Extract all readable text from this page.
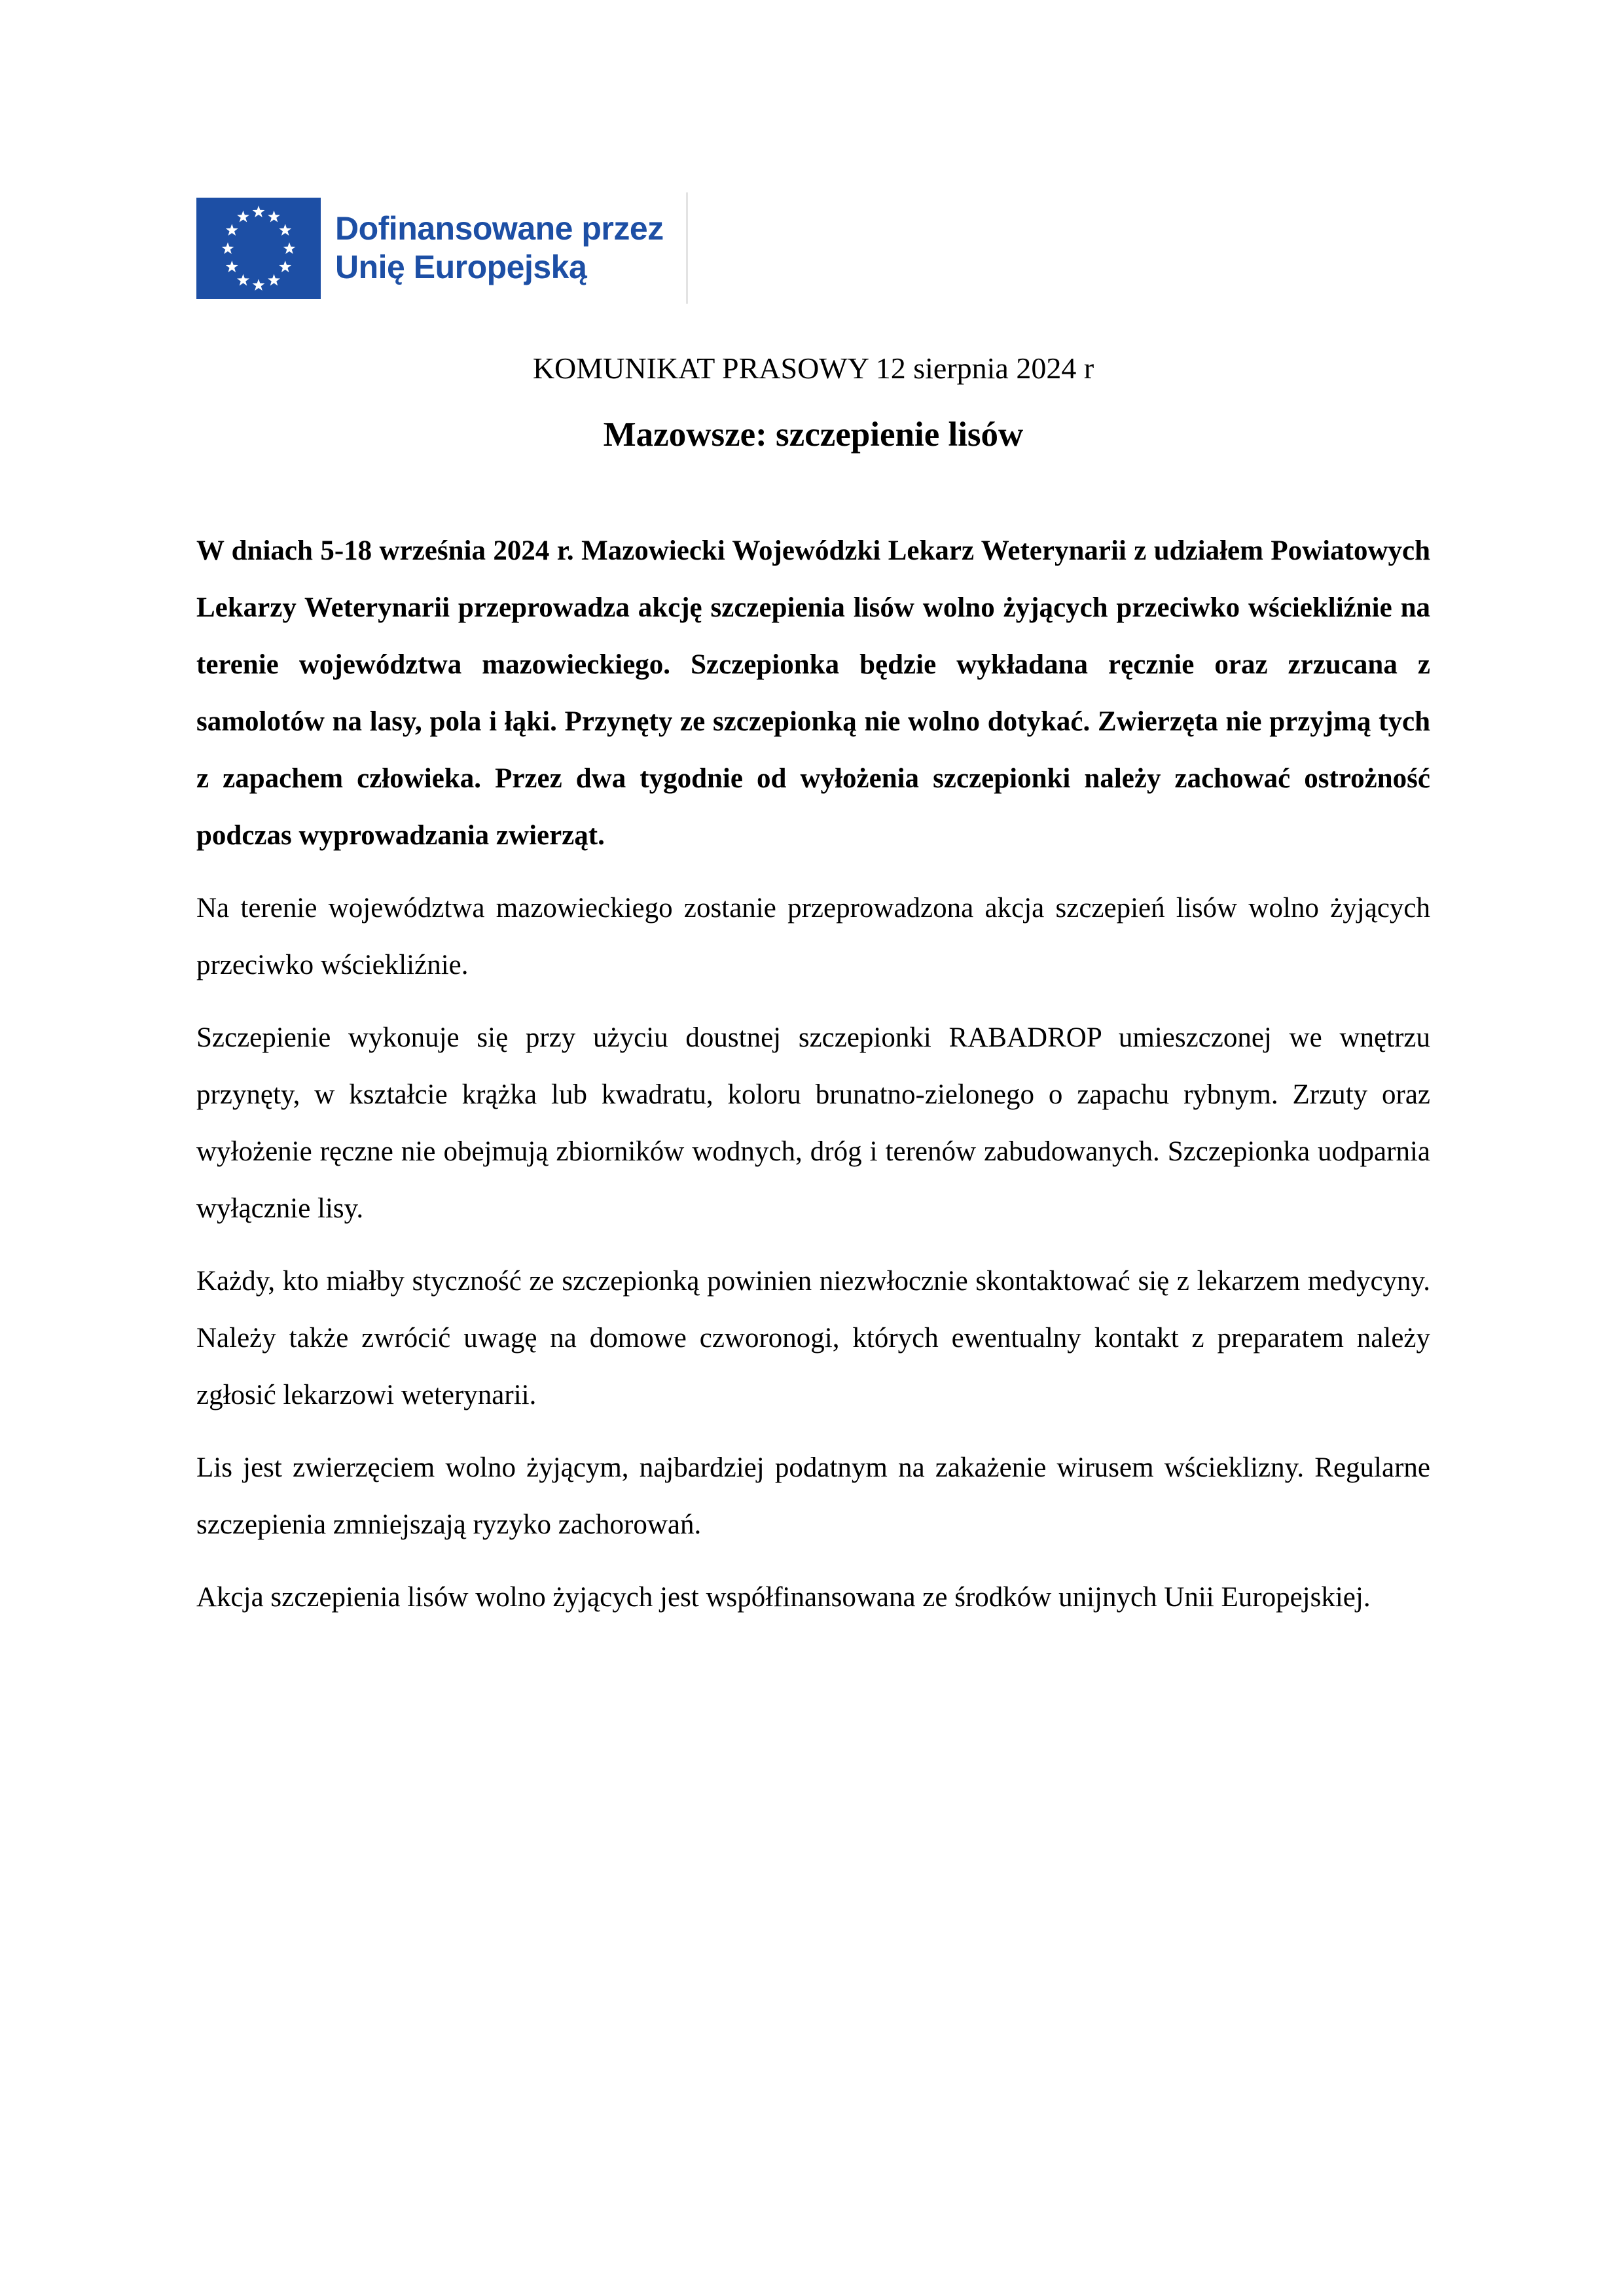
Dofinansowane przez
Unię Europejską
KOMUNIKAT PRASOWY 12 sierpnia 2024 r
Mazowsze: szczepienie lisów

W dniach 5-18 września 2024 r. Mazowiecki Wojewódzki Lekarz Weterynarii z udziałem Powiatowych Lekarzy Weterynarii przeprowadza akcję szczepienia lisów wolno żyjących przeciwko wściekliźnie na terenie województwa mazowieckiego. Szczepionka będzie wykładana ręcznie oraz zrzucana z samolotów na lasy, pola i łąki. Przynęty ze szczepionką nie wolno dotykać. Zwierzęta nie przyjmą tych z zapachem człowieka. Przez dwa tygodnie od wyłożenia szczepionki należy zachować ostrożność podczas wyprowadzania zwierząt.

Na terenie województwa mazowieckiego zostanie przeprowadzona akcja szczepień lisów wolno żyjących przeciwko wściekliźnie.

Szczepienie wykonuje się przy użyciu doustnej szczepionki RABADROP umieszczonej we wnętrzu przynęty, w kształcie krążka lub kwadratu, koloru brunatno-zielonego o zapachu rybnym. Zrzuty oraz wyłożenie ręczne nie obejmują zbiorników wodnych, dróg i terenów zabudowanych. Szczepionka uodparnia wyłącznie lisy.

Każdy, kto miałby styczność ze szczepionką powinien niezwłocznie skontaktować się z lekarzem medycyny. Należy także zwrócić uwagę na domowe czworonogi, których ewentualny kontakt z preparatem należy zgłosić lekarzowi weterynarii.

Lis jest zwierzęciem wolno żyjącym, najbardziej podatnym na zakażenie wirusem wścieklizny. Regularne szczepienia zmniejszają ryzyko zachorowań.

Akcja szczepienia lisów wolno żyjących jest współfinansowana ze środków unijnych Unii Europejskiej.
